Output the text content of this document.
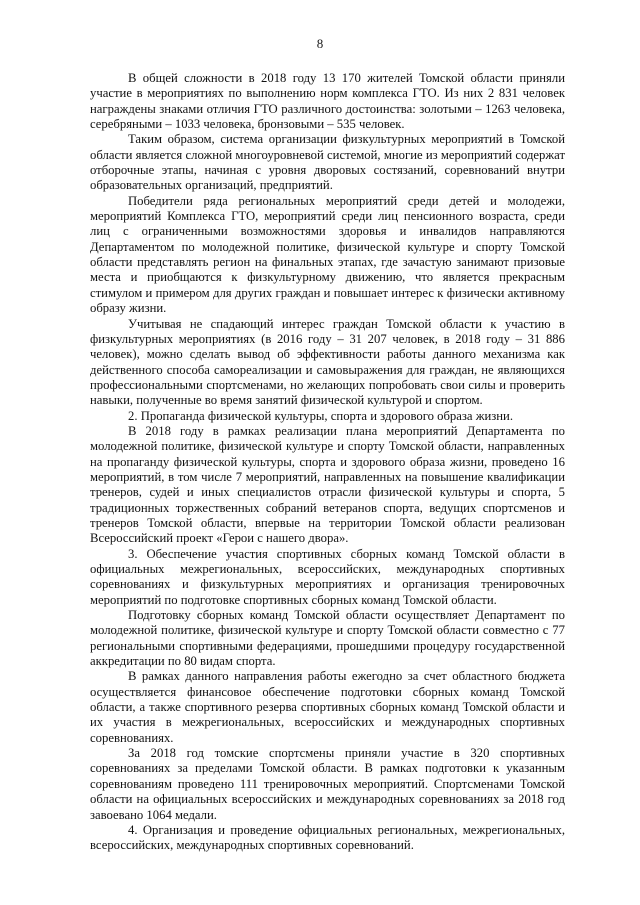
8

В общей сложности в 2018 году 13 170 жителей Томской области приняли участие в мероприятиях по выполнению норм комплекса ГТО. Из них 2 831 человек награждены знаками отличия ГТО различного достоинства: золотыми – 1263 человека, серебряными – 1033 человека, бронзовыми – 535 человек.

Таким образом, система организации физкультурных мероприятий в Томской области является сложной многоуровневой системой, многие из мероприятий содержат отборочные этапы, начиная с уровня дворовых состязаний, соревнований внутри образовательных организаций, предприятий.

Победители ряда региональных мероприятий среди детей и молодежи, мероприятий Комплекса ГТО, мероприятий среди лиц пенсионного возраста, среди лиц с ограниченными возможностями здоровья и инвалидов направляются Департаментом по молодежной политике, физической культуре и спорту Томской области представлять регион на финальных этапах, где зачастую занимают призовые места и приобщаются к физкультурному движению, что является прекрасным стимулом и примером для других граждан и повышает интерес к физически активному образу жизни.

Учитывая не спадающий интерес граждан Томской области к участию в физкультурных мероприятиях (в 2016 году – 31 207 человек, в 2018 году – 31 886 человек), можно сделать вывод об эффективности работы данного механизма как действенного способа самореализации и самовыражения для граждан, не являющихся профессиональными спортсменами, но желающих попробовать свои силы и проверить навыки, полученные во время занятий физической культурой и спортом.

2. Пропаганда физической культуры, спорта и здорового образа жизни.

В 2018 году в рамках реализации плана мероприятий Департамента по молодежной политике, физической культуре и спорту Томской области, направленных на пропаганду физической культуры, спорта и здорового образа жизни, проведено 16 мероприятий, в том числе 7 мероприятий, направленных на повышение квалификации тренеров, судей и иных специалистов отрасли физической культуры и спорта, 5 традиционных торжественных собраний ветеранов спорта, ведущих спортсменов и тренеров Томской области, впервые на территории Томской области реализован Всероссийский проект «Герои с нашего двора».

3. Обеспечение участия спортивных сборных команд Томской области в официальных межрегиональных, всероссийских, международных спортивных соревнованиях и физкультурных мероприятиях и организация тренировочных мероприятий по подготовке спортивных сборных команд Томской области.

Подготовку сборных команд Томской области осуществляет Департамент по молодежной политике, физической культуре и спорту Томской области совместно с 77 региональными спортивными федерациями, прошедшими процедуру государственной аккредитации по 80 видам спорта.

В рамках данного направления работы ежегодно за счет областного бюджета осуществляется финансовое обеспечение подготовки сборных команд Томской области, а также спортивного резерва спортивных сборных команд Томской области и их участия в межрегиональных, всероссийских и международных спортивных соревнованиях.

За 2018 год томские спортсмены приняли участие в 320 спортивных соревнованиях за пределами Томской области. В рамках подготовки к указанным соревнованиям проведено 111 тренировочных мероприятий. Спортсменами Томской области на официальных всероссийских и международных соревнованиях за 2018 год завоевано 1064 медали.

4. Организация и проведение официальных региональных, межрегиональных, всероссийских, международных спортивных соревнований.
